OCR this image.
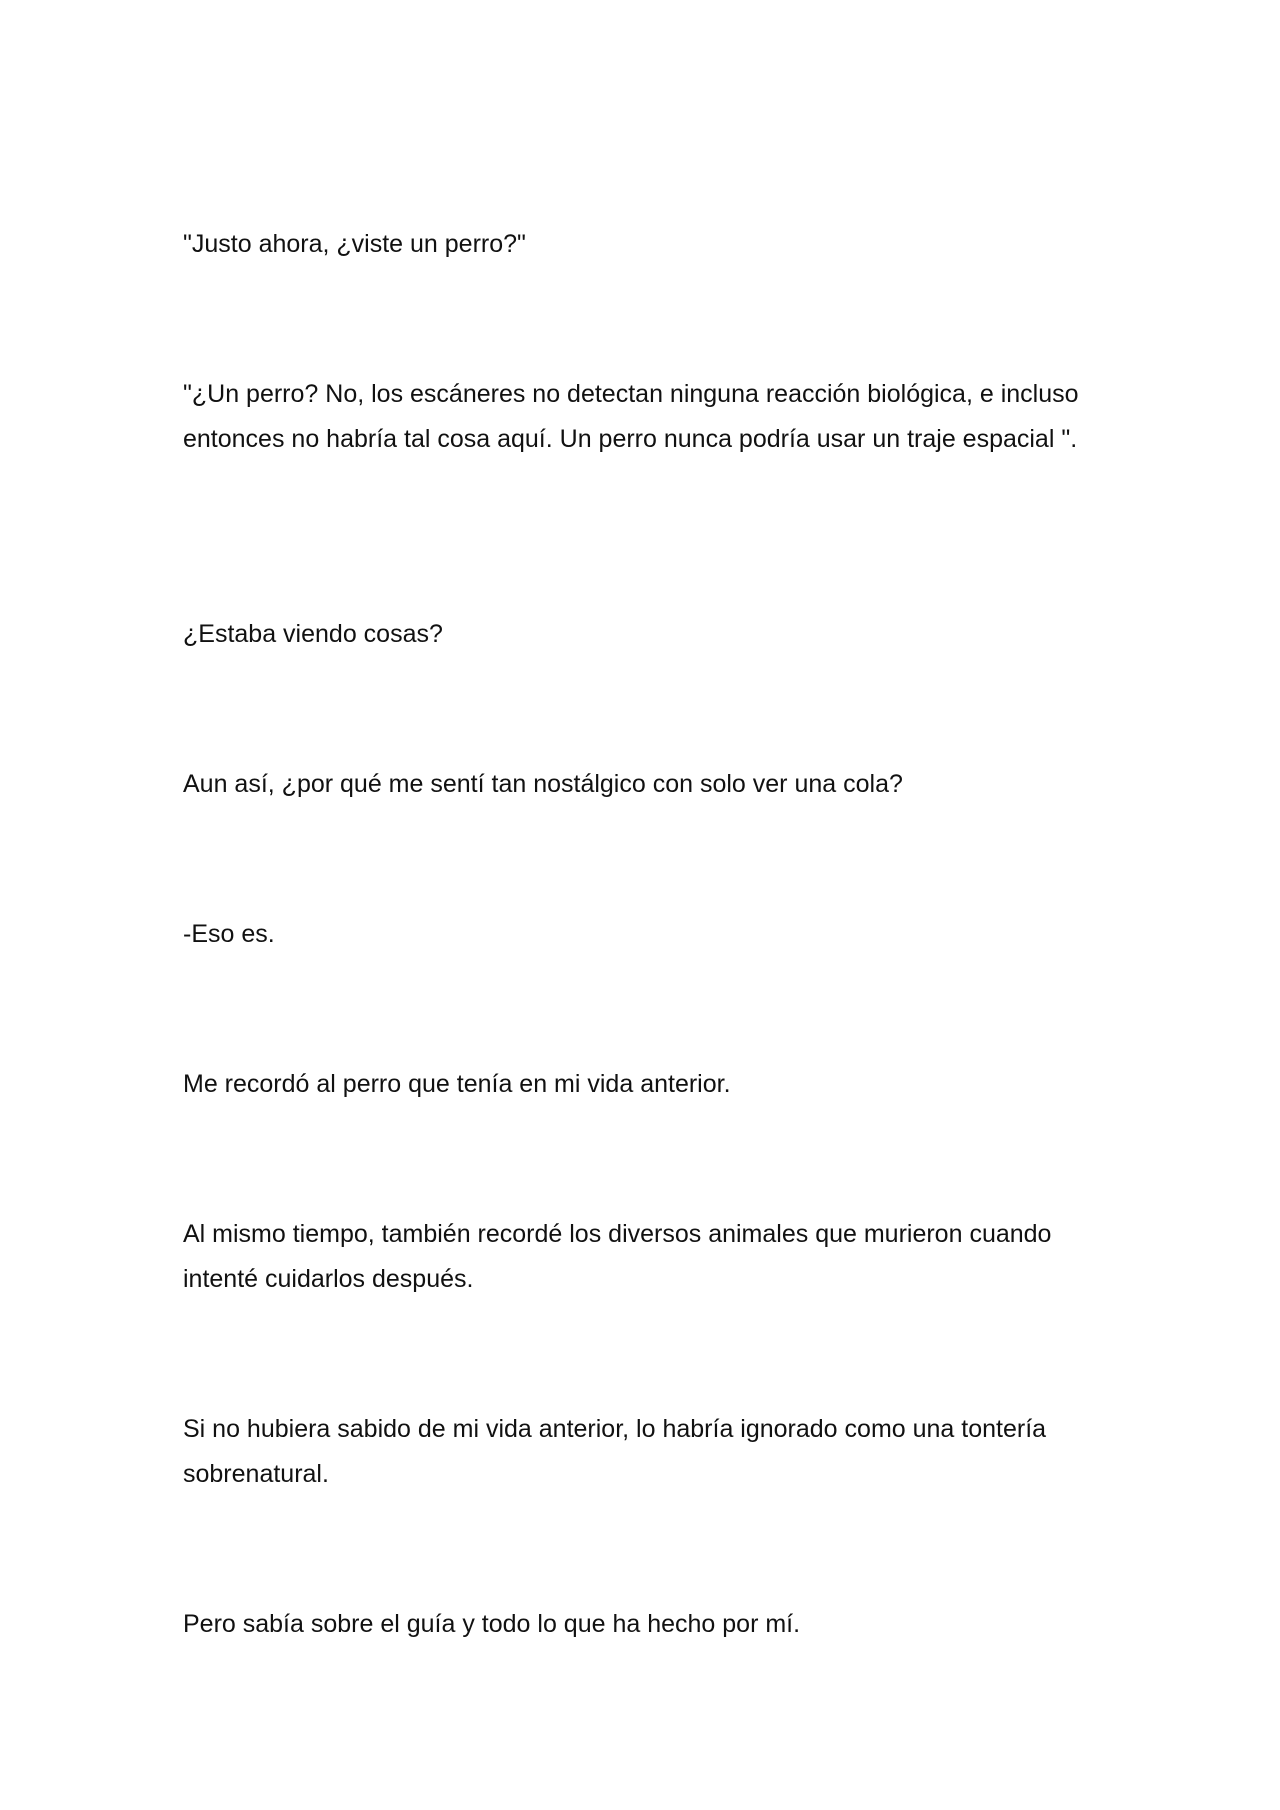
"Justo ahora, ¿viste un perro?"

"¿Un perro? No, los escáneres no detectan ninguna reacción biológica, e incluso entonces no habría tal cosa aquí. Un perro nunca podría usar un traje espacial ".

¿Estaba viendo cosas?

Aun así, ¿por qué me sentí tan nostálgico con solo ver una cola?

-Eso es.

Me recordó al perro que tenía en mi vida anterior.

Al mismo tiempo, también recordé los diversos animales que murieron cuando intenté cuidarlos después.

Si no hubiera sabido de mi vida anterior, lo habría ignorado como una tontería sobrenatural.

Pero sabía sobre el guía y todo lo que ha hecho por mí.
